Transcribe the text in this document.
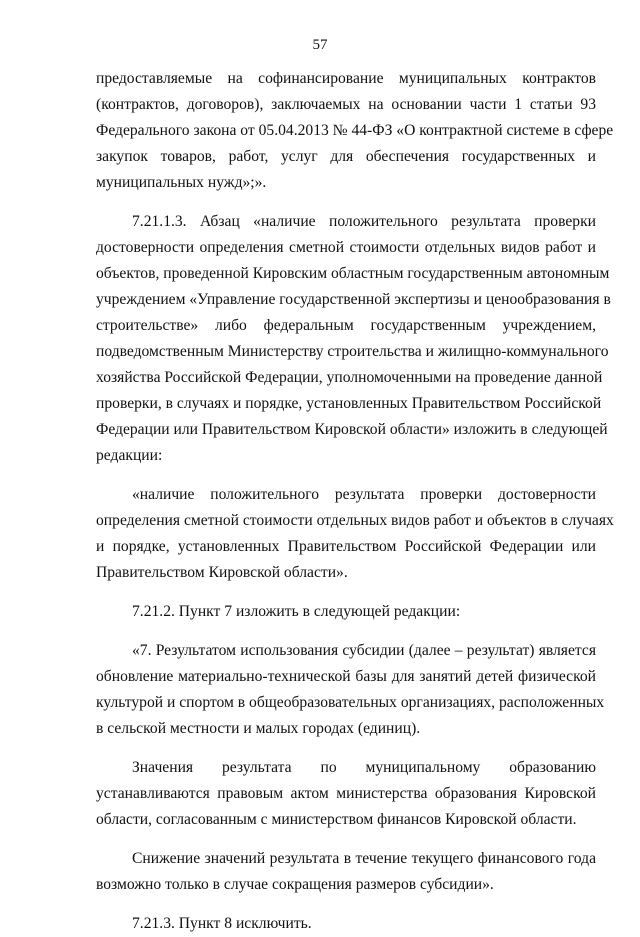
57
предоставляемые на софинансирование муниципальных контрактов
(контрактов, договоров), заключаемых на основании части 1 статьи 93
Федерального закона от 05.04.2013 № 44-ФЗ «О контрактной системе в сфере
закупок товаров, работ, услуг для обеспечения государственных и
муниципальных нужд»;».
7.21.1.3. Абзац «наличие положительного результата проверки
достоверности определения сметной стоимости отдельных видов работ и
объектов, проведенной Кировским областным государственным автономным
учреждением «Управление государственной экспертизы и ценообразования в
строительстве» либо федеральным государственным учреждением,
подведомственным Министерству строительства и жилищно-коммунального
хозяйства Российской Федерации, уполномоченными на проведение данной
проверки, в случаях и порядке, установленных Правительством Российской
Федерации или Правительством Кировской области» изложить в следующей
редакции:
«наличие положительного результата проверки достоверности
определения сметной стоимости отдельных видов работ и объектов в случаях
и порядке, установленных Правительством Российской Федерации или
Правительством Кировской области».
7.21.2. Пункт 7 изложить в следующей редакции:
«7. Результатом использования субсидии (далее – результат) является
обновление материально-технической базы для занятий детей физической
культурой и спортом в общеобразовательных организациях, расположенных
в сельской местности и малых городах (единиц).
Значения результата по муниципальному образованию
устанавливаются правовым актом министерства образования Кировской
области, согласованным с министерством финансов Кировской области.
Снижение значений результата в течение текущего финансового года
возможно только в случае сокращения размеров субсидии».
7.21.3. Пункт 8 исключить.
